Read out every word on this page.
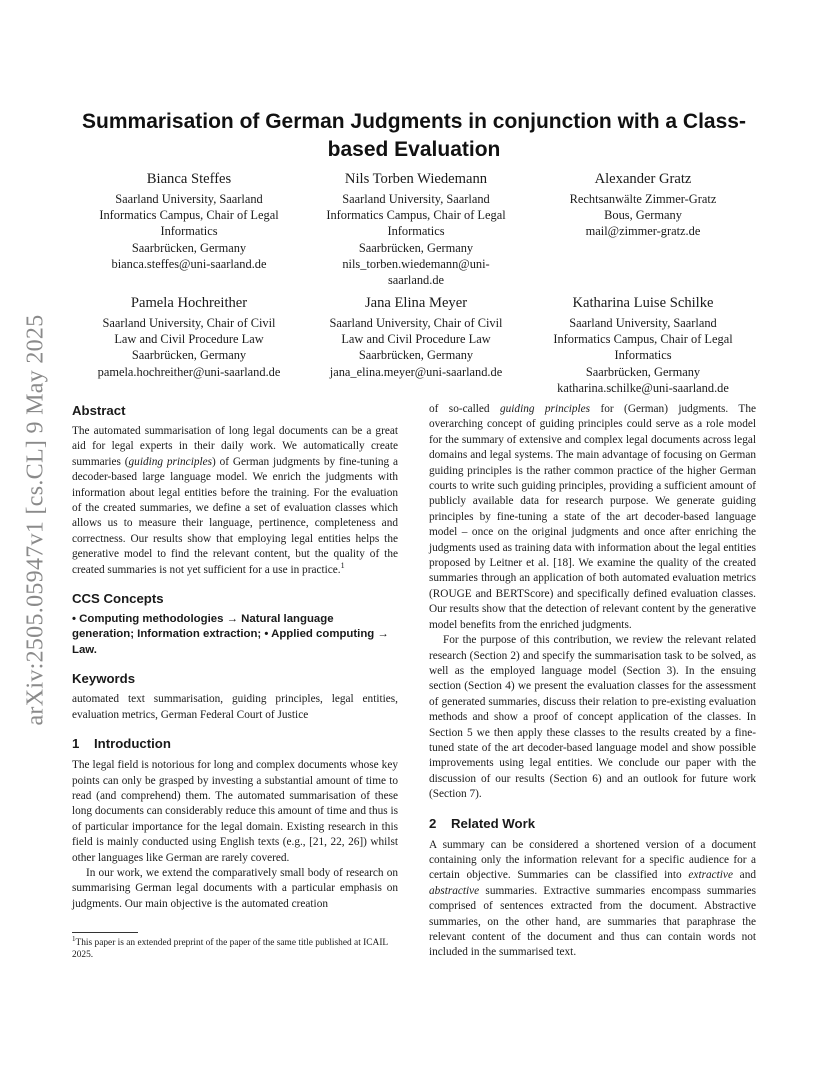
arXiv:2505.05947v1 [cs.CL] 9 May 2025
Summarisation of German Judgments in conjunction with a Class-based Evaluation
Bianca Steffes
Saarland University, Saarland
Informatics Campus, Chair of Legal
Informatics
Saarbrücken, Germany
bianca.steffes@uni-saarland.de
Nils Torben Wiedemann
Saarland University, Saarland
Informatics Campus, Chair of Legal
Informatics
Saarbrücken, Germany
nils_torben.wiedemann@uni-
saarland.de
Alexander Gratz
Rechtsanwälte Zimmer-Gratz
Bous, Germany
mail@zimmer-gratz.de
Pamela Hochreither
Saarland University, Chair of Civil
Law and Civil Procedure Law
Saarbrücken, Germany
pamela.hochreither@uni-saarland.de
Jana Elina Meyer
Saarland University, Chair of Civil
Law and Civil Procedure Law
Saarbrücken, Germany
jana_elina.meyer@uni-saarland.de
Katharina Luise Schilke
Saarland University, Saarland
Informatics Campus, Chair of Legal
Informatics
Saarbrücken, Germany
katharina.schilke@uni-saarland.de
Abstract

The automated summarisation of long legal documents can be a great aid for legal experts in their daily work. We automatically create summaries (guiding principles) of German judgments by fine-tuning a decoder-based large language model. We enrich the judgments with information about legal entities before the training. For the evaluation of the created summaries, we define a set of evaluation classes which allows us to measure their language, pertinence, completeness and correctness. Our results show that employing legal entities helps the generative model to find the relevant content, but the quality of the created summaries is not yet sufficient for a use in practice.$^1$

CCS Concepts

• Computing methodologies → Natural language generation; Information extraction; • Applied computing → Law.

Keywords

automated text summarisation, guiding principles, legal entities, evaluation metrics, German Federal Court of Justice

1 Introduction

The legal field is notorious for long and complex documents whose key points can only be grasped by investing a substantial amount of time to read (and comprehend) them. The automated summarisation of these long documents can considerably reduce this amount of time and thus is of particular importance for the legal domain. Existing research in this field is mainly conducted using English texts (e.g., [21, 22, 26]) whilst other languages like German are rarely covered.

In our work, we extend the comparatively small body of research on summarising German legal documents with a particular emphasis on judgments. Our main objective is the automated creation

$^1$This paper is an extended preprint of the paper of the same title published at ICAIL 2025.

of so-called guiding principles for (German) judgments. The overarching concept of guiding principles could serve as a role model for the summary of extensive and complex legal documents across legal domains and legal systems. The main advantage of focusing on German guiding principles is the rather common practice of the higher German courts to write such guiding principles, providing a sufficient amount of publicly available data for research purpose. We generate guiding principles by fine-tuning a state of the art decoder-based language model – once on the original judgments and once after enriching the judgments used as training data with information about the legal entities proposed by Leitner et al. [18]. We examine the quality of the created summaries through an application of both automated evaluation metrics (ROUGE and BERTScore) and specifically defined evaluation classes. Our results show that the detection of relevant content by the generative model benefits from the enriched judgments.

For the purpose of this contribution, we review the relevant related research (Section 2) and specify the summarisation task to be solved, as well as the employed language model (Section 3). In the ensuing section (Section 4) we present the evaluation classes for the assessment of generated summaries, discuss their relation to pre-existing evaluation methods and show a proof of concept application of the classes. In Section 5 we then apply these classes to the results created by a fine-tuned state of the art decoder-based language model and show possible improvements using legal entities. We conclude our paper with the discussion of our results (Section 6) and an outlook for future work (Section 7).

2 Related Work

A summary can be considered a shortened version of a document containing only the information relevant for a specific audience for a certain objective. Summaries can be classified into extractive and abstractive summaries. Extractive summaries encompass summaries comprised of sentences extracted from the document. Abstractive summaries, on the other hand, are summaries that paraphrase the relevant content of the document and thus can contain words not included in the summarised text.
